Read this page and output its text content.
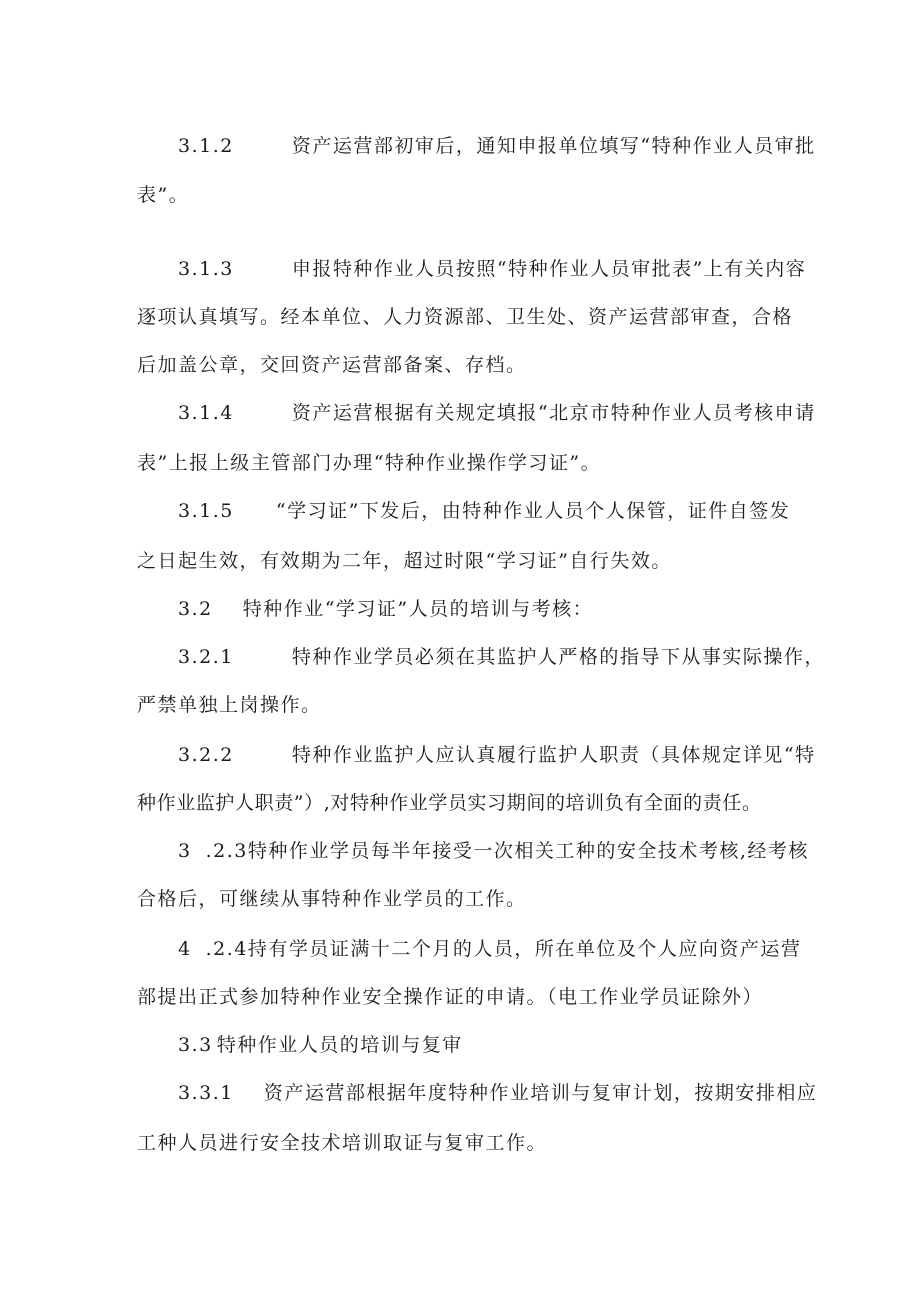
3.1.2	资产运营部初审后，通知申报单位填写“特种作业人员审批
表”。
3.1.3	申报特种作业人员按照“特种作业人员审批表”上有关内容
逐项认真填写。经本单位、人力资源部、卫生处、资产运营部审查，合格
后加盖公章，交回资产运营部备案、存档。
3.1.4	资产运营根据有关规定填报“北京市特种作业人员考核申请
表”上报上级主管部门办理“特种作业操作学习证”。
3.1.5 “学习证”下发后，由特种作业人员个人保管，证件自签发
之日起生效，有效期为二年，超过时限“学习证”自行失效。
3.2 特种作业“学习证”人员的培训与考核：
3.2.1	特种作业学员必须在其监护人严格的指导下从事实际操作，
严禁单独上岗操作。
3.2.2	特种作业监护人应认真履行监护人职责（具体规定详见“特
种作业监护人职责”）,对特种作业学员实习期间的培训负有全面的责任。
3 .2.3特种作业学员每半年接受一次相关工种的安全技术考核,经考核
合格后，可继续从事特种作业学员的工作。
4 .2.4持有学员证满十二个月的人员，所在单位及个人应向资产运营
部提出正式参加特种作业安全操作证的申请。（电工作业学员证除外）
3.3 特种作业人员的培训与复审
3.3.1 资产运营部根据年度特种作业培训与复审计划，按期安排相应
工种人员进行安全技术培训取证与复审工作。
